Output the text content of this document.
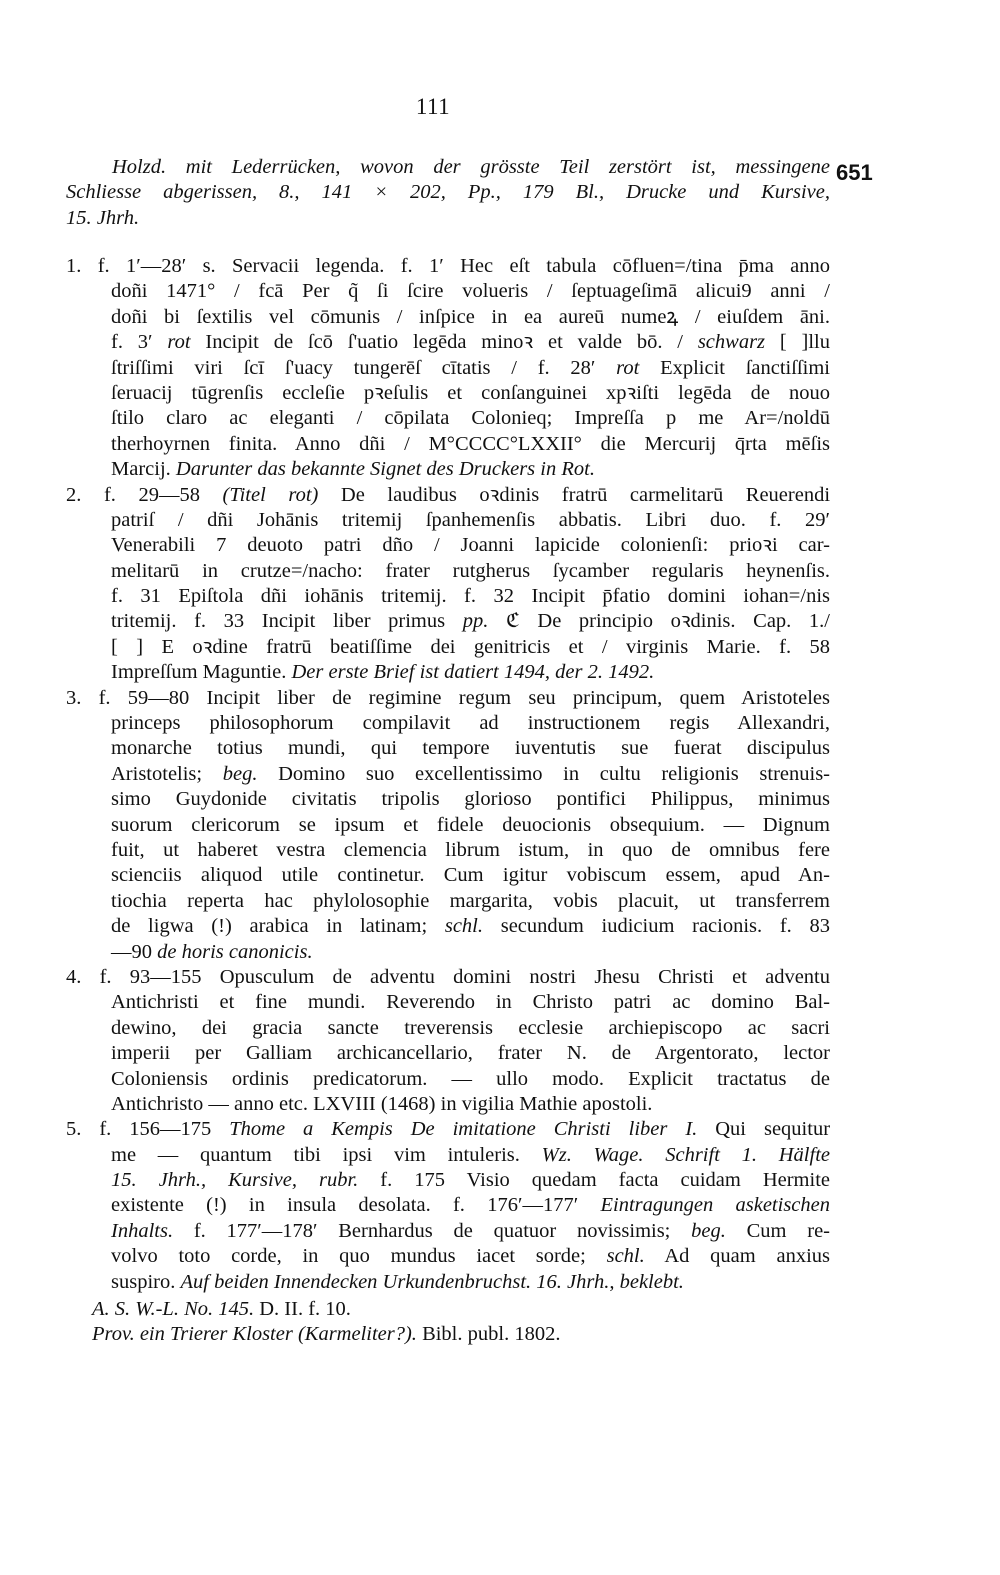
111
651
Holzd. mit Lederrücken, wovon der grösste Teil zerstört ist, messingene
Schliesse abgerissen, 8., 141 × 202, Pp., 179 Bl., Drucke und Kursive,
15. Jhrh.
1. f. 1′—28′ s. Servacii legenda. f. 1′ Hec eſt tabula cōfluen=/tina p̄ma anno
doñi 1471° / fcā Per q̃ ſi ſcire volueris / ſeptuageſimā alicui9 anni /
doñi bi ſextilis vel cōmunis / inſpice in ea aureū numeꝝ / eiuſdem āni.
f. 3′ rot Incipit de ſcō ſ'uatio legēda minoꝛ et valde bō. / schwarz [ ]llu
ſtriſſimi viri ſcī ſ'uacy tungerēſ cītatis / f. 28′ rot Explicit ſanctiſſimi
ſeruacij tūgrenſis eccleſie pꝛeſulis et conſanguinei xpꝛiſti legēda de nouo
ſtilo claro ac eleganti / cōpilata Colonieq; Impreſſa p me Ar=/noldū
therhoyrnen finita. Anno dñi / M°CCCC°LXXII° die Mercurij q̄rta mēſis
Marcij. Darunter das bekannte Signet des Druckers in Rot.
2. f. 29—58 (Titel rot) De laudibus oꝛdinis fratrū carmelitarū Reuerendi
patriſ / dñi Johānis tritemij ſpanhemenſis abbatis. Libri duo. f. 29′
Venerabili 7 deuoto patri dño / Joanni lapicide colonienſi: prioꝛi car-
melitarū in crutze=/nacho: frater rutgherus ſycamber regularis heynenſis.
f. 31 Epiſtola dñi iohānis tritemij. f. 32 Incipit p̄fatio domini iohan=/nis
tritemij. f. 33 Incipit liber primus pp. ℭ De principio oꝛdinis. Cap. 1./
[ ] E oꝛdine fratrū beatiſſime dei genitricis et / virginis Marie. f. 58
Impreſſum Maguntie. Der erste Brief ist datiert 1494, der 2. 1492.
3. f. 59—80 Incipit liber de regimine regum seu principum, quem Aristoteles
princeps philosophorum compilavit ad instructionem regis Allexandri,
monarche totius mundi, qui tempore iuventutis sue fuerat discipulus
Aristotelis; beg. Domino suo excellentissimo in cultu religionis strenuis-
simo Guydonide civitatis tripolis glorioso pontifici Philippus, minimus
suorum clericorum se ipsum et fidele deuocionis obsequium. — Dignum
fuit, ut haberet vestra clemencia librum istum, in quo de omnibus fere
scienciis aliquod utile continetur. Cum igitur vobiscum essem, apud An-
tiochia reperta hac phylolosophie margarita, vobis placuit, ut transferrem
de ligwa (!) arabica in latinam; schl. secundum iudicium racionis. f. 83
—90 de horis canonicis.
4. f. 93—155 Opusculum de adventu domini nostri Jhesu Christi et adventu
Antichristi et fine mundi. Reverendo in Christo patri ac domino Bal-
dewino, dei gracia sancte treverensis ecclesie archiepiscopo ac sacri
imperii per Galliam archicancellario, frater N. de Argentorato, lector
Coloniensis ordinis predicatorum. — ullo modo. Explicit tractatus de
Antichristo — anno etc. LXVIII (1468) in vigilia Mathie apostoli.
5. f. 156—175 Thome a Kempis De imitatione Christi liber I. Qui sequitur
me — quantum tibi ipsi vim intuleris. Wz. Wage. Schrift 1. Hälfte
15. Jhrh., Kursive, rubr. f. 175 Visio quedam facta cuidam Hermite
existente (!) in insula desolata. f. 176′—177′ Eintragungen asketischen
Inhalts. f. 177′—178′ Bernhardus de quatuor novissimis; beg. Cum re-
volvo toto corde, in quo mundus iacet sorde; schl. Ad quam anxius
suspiro. Auf beiden Innendecken Urkundenbruchst. 16. Jhrh., beklebt.
A. S. W.-L. No. 145. D. II. f. 10.
Prov. ein Trierer Kloster (Karmeliter?). Bibl. publ. 1802.
